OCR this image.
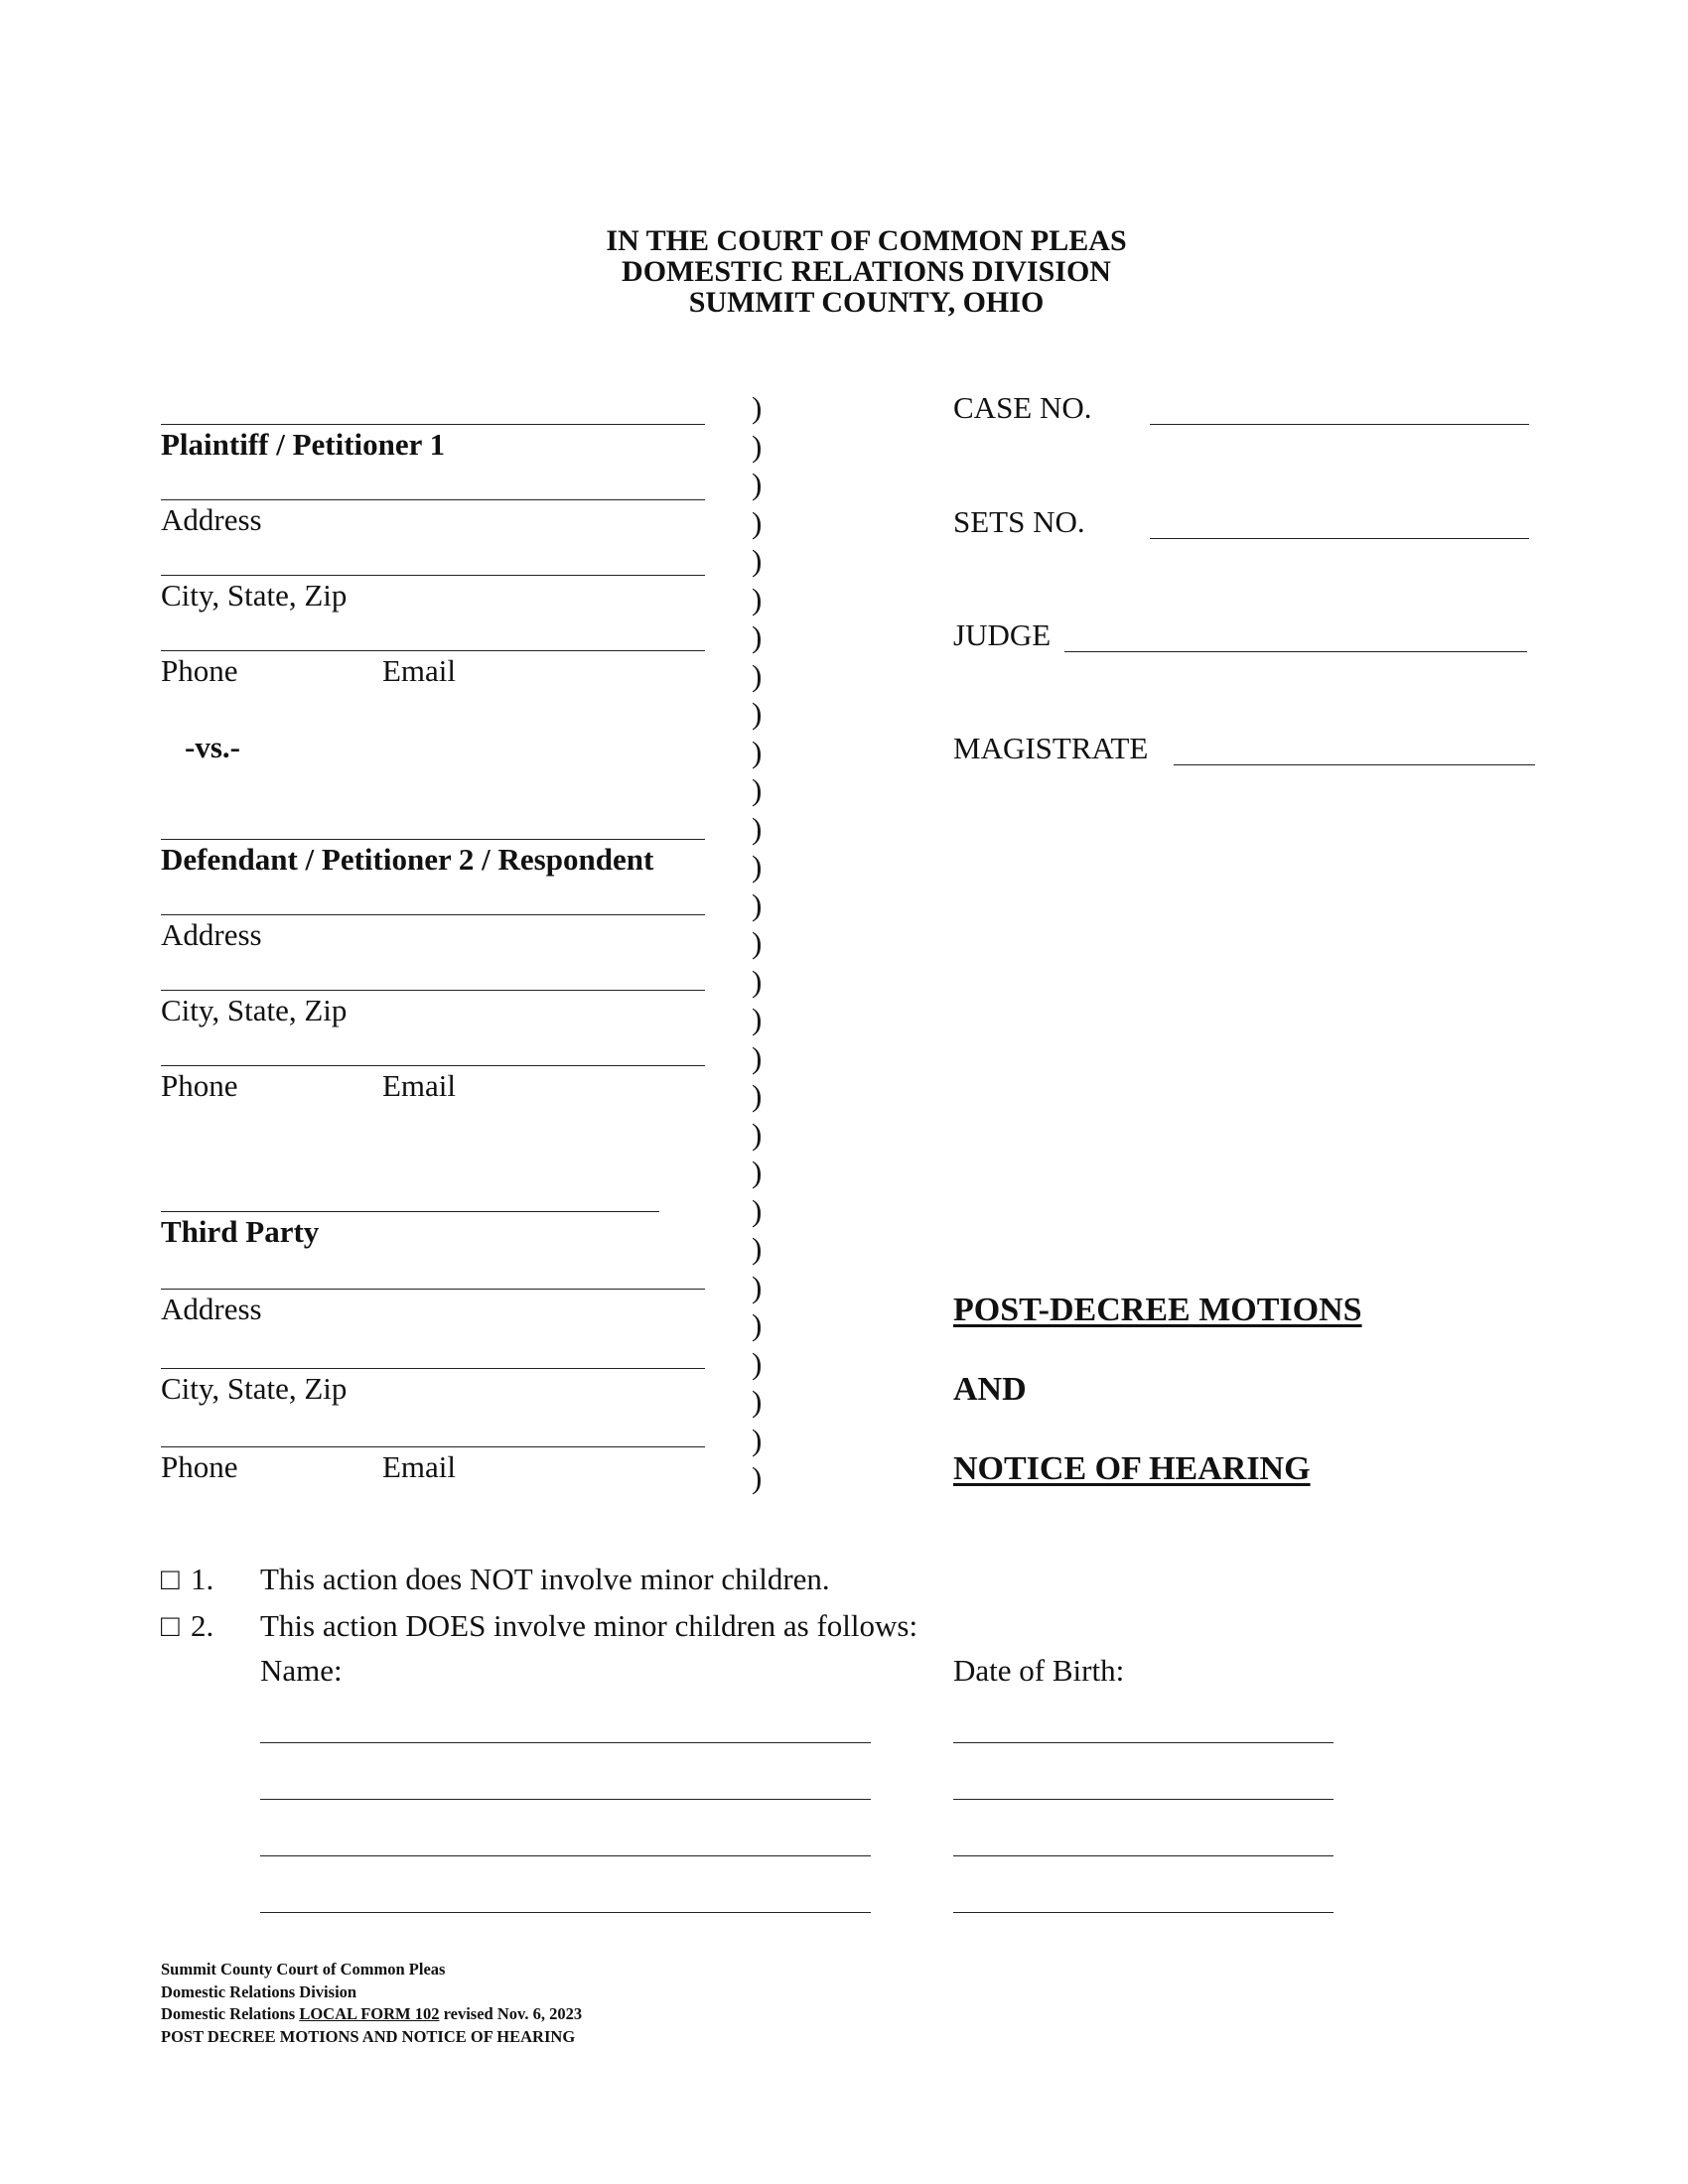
IN THE COURT OF COMMON PLEAS
DOMESTIC RELATIONS DIVISION
SUMMIT COUNTY, OHIO
Plaintiff / Petitioner 1
Address
City, State, Zip
Phone	Email
-vs.-
Defendant / Petitioner 2 / Respondent
Address
City, State, Zip
Phone	Email
Third Party
Address
City, State, Zip
Phone	Email
)
)
)
)
)
)
)
)
)
)
)
)
)
)
)
)
)
)
)
)
)
)
)
)
)
)
)
)
)
CASE NO.
SETS NO.
JUDGE
MAGISTRATE
POST-DECREE MOTIONS
AND
NOTICE OF HEARING
□ 1. This action does NOT involve minor children.
□ 2. This action DOES involve minor children as follows:
Name:	Date of Birth:
Summit County Court of Common Pleas
Domestic Relations Division
Domestic Relations LOCAL FORM 102 revised Nov. 6, 2023
POST DECREE MOTIONS AND NOTICE OF HEARING
